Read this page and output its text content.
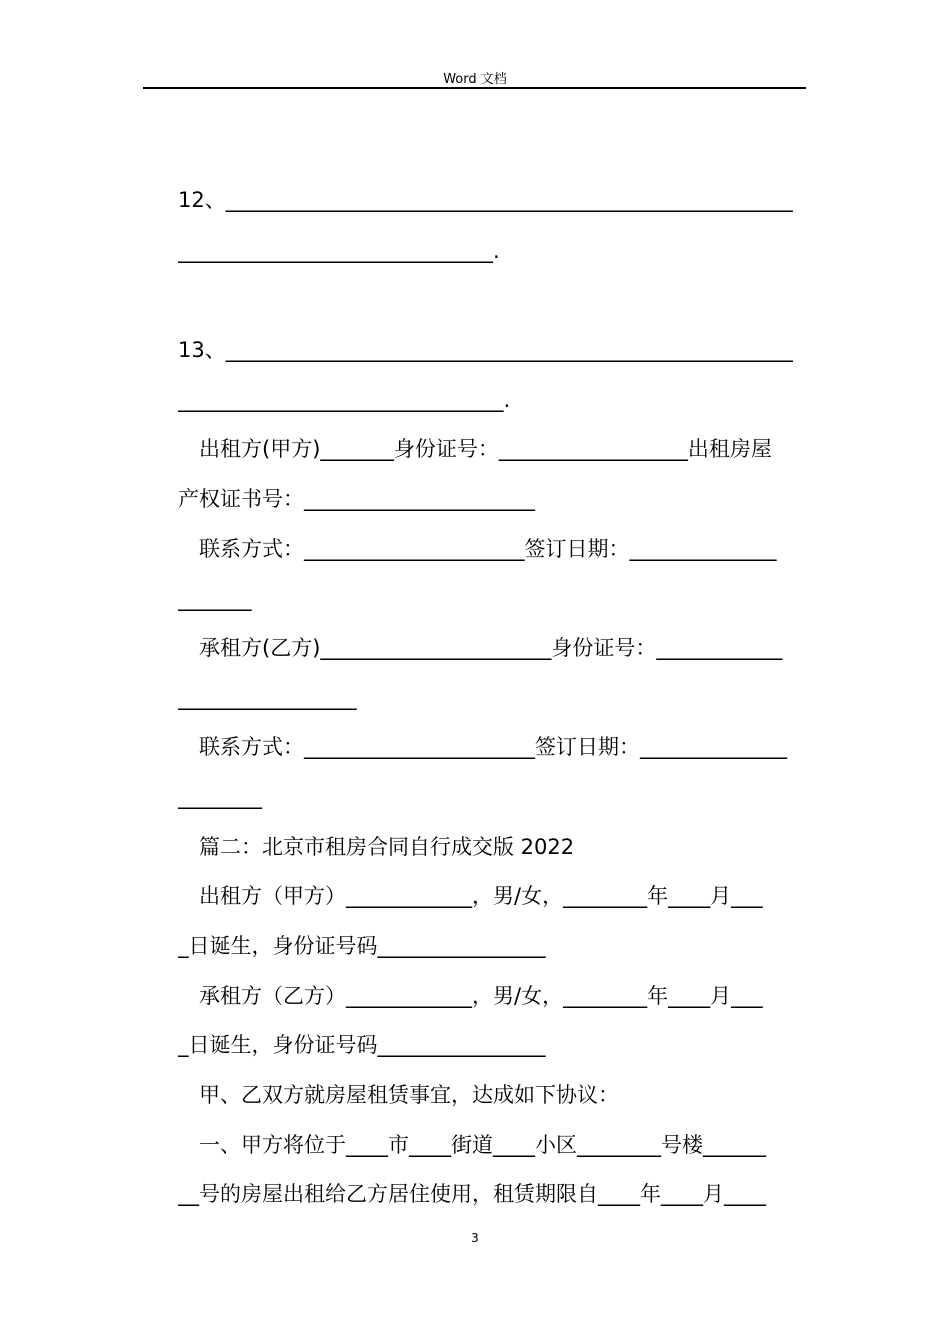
Word 文档
12、______________________________________________________
______________________________.
13、______________________________________________________
_______________________________.
出租方(甲方)_______身份证号：__________________出租房屋
产权证书号：______________________
联系方式：_____________________签订日期：______________
_______
承租方(乙方)______________________身份证号：____________
_________________
联系方式：______________________签订日期：______________
________
篇二：北京市租房合同自行成交版 2022
出租方（甲方）____________，男/女，________年____月___
_日诞生，身份证号码________________
承租方（乙方）____________，男/女，________年____月___
_日诞生，身份证号码________________
甲、乙双方就房屋租赁事宜，达成如下协议：
一、甲方将位于____市____街道____小区________号楼______
__号的房屋出租给乙方居住使用，租赁期限自____年____月____
3
